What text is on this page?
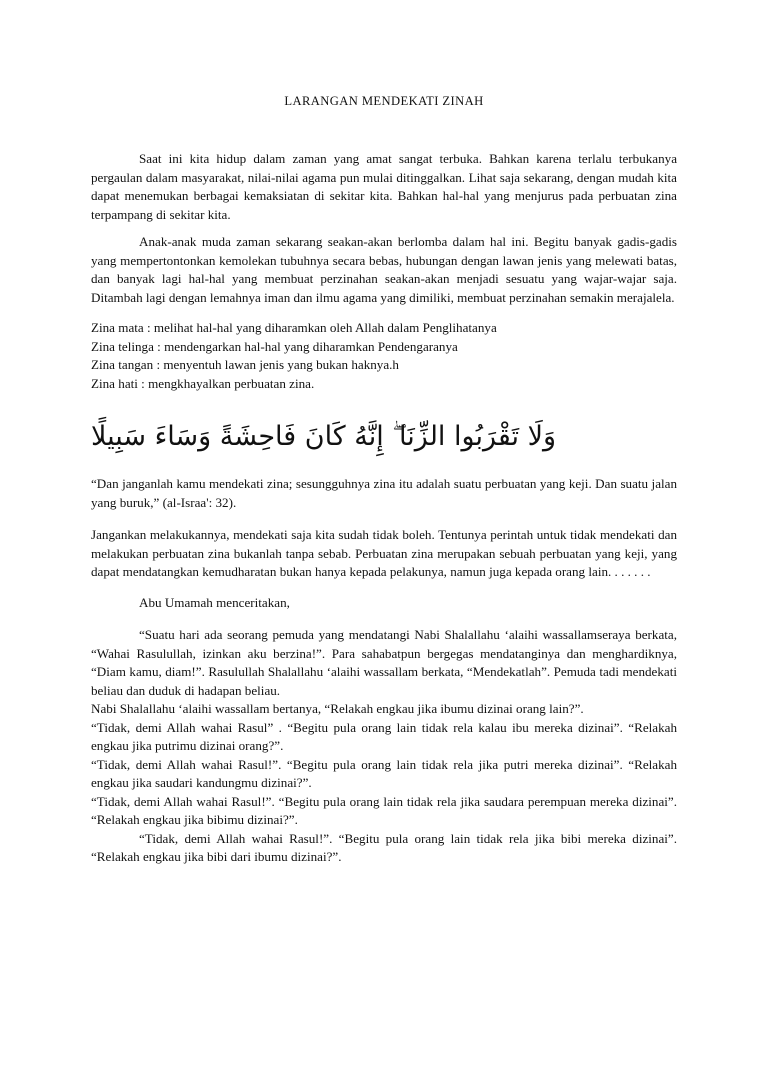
LARANGAN MENDEKATI ZINAH

Saat ini kita hidup dalam zaman yang amat sangat terbuka. Bahkan karena terlalu terbukanya pergaulan dalam masyarakat, nilai-nilai agama pun mulai ditinggalkan. Lihat saja sekarang, dengan mudah kita dapat menemukan berbagai kemaksiatan di sekitar kita. Bahkan hal-hal yang menjurus pada perbuatan zina terpampang di sekitar kita.

Anak-anak muda zaman sekarang seakan-akan berlomba dalam hal ini. Begitu banyak gadis-gadis yang mempertontonkan kemolekan tubuhnya secara bebas, hubungan dengan lawan jenis yang melewati batas, dan banyak lagi hal-hal yang membuat perzinahan seakan-akan menjadi sesuatu yang wajar-wajar saja. Ditambah lagi dengan lemahnya iman dan ilmu agama yang dimiliki, membuat perzinahan semakin merajalela.

Zina mata : melihat hal-hal yang diharamkan oleh Allah dalam Penglihatanya

Zina telinga : mendengarkan hal-hal yang diharamkan Pendengaranya

Zina tangan : menyentuh lawan jenis yang bukan haknya.h

Zina hati : mengkhayalkan perbuatan zina.

وَلَا تَقْرَبُوا الزِّنَا ۖ إِنَّهُ كَانَ فَاحِشَةً وَسَاءَ سَبِيلًا

“Dan janganlah kamu mendekati zina; sesungguhnya zina itu adalah suatu perbuatan yang keji. Dan suatu jalan yang buruk,” (al-Israa': 32).

Jangankan melakukannya, mendekati saja kita sudah tidak boleh. Tentunya perintah untuk tidak mendekati dan melakukan perbuatan zina bukanlah tanpa sebab. Perbuatan zina merupakan sebuah perbuatan yang keji, yang dapat mendatangkan kemudharatan bukan hanya kepada pelakunya, namun juga kepada orang lain. . . . . . .

Abu Umamah menceritakan,

“Suatu hari ada seorang pemuda yang mendatangi Nabi Shalallahu ‘alaihi wassallamseraya berkata, “Wahai Rasulullah, izinkan aku berzina!”. Para sahabatpun bergegas mendatanginya dan menghardiknya, “Diam kamu, diam!”. Rasulullah Shalallahu ‘alaihi wassallam berkata, “Mendekatlah”. Pemuda tadi mendekati beliau dan duduk di hadapan beliau.

Nabi Shalallahu ‘alaihi wassallam bertanya, “Relakah engkau jika ibumu dizinai orang lain?”.

“Tidak, demi Allah wahai Rasul” . “Begitu pula orang lain tidak rela kalau ibu mereka dizinai”. “Relakah engkau jika putrimu dizinai orang?”.

“Tidak, demi Allah wahai Rasul!”. “Begitu pula orang lain tidak rela jika putri mereka dizinai”. “Relakah engkau jika saudari kandungmu dizinai?”.

“Tidak, demi Allah wahai Rasul!”. “Begitu pula orang lain tidak rela jika saudara perempuan mereka dizinai”. “Relakah engkau jika bibimu dizinai?”.

“Tidak, demi Allah wahai Rasul!”. “Begitu pula orang lain tidak rela jika bibi mereka dizinai”. “Relakah engkau jika bibi dari ibumu dizinai?”.
